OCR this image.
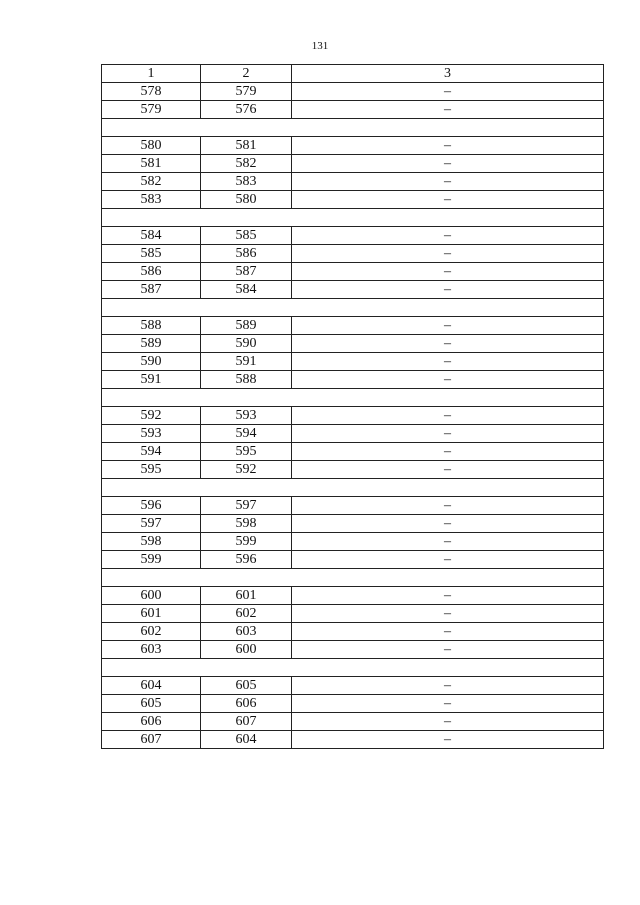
131
1	2	3
578	579	–
579	576	–

580	581	–
581	582	–
582	583	–
583	580	–

584	585	–
585	586	–
586	587	–
587	584	–

588	589	–
589	590	–
590	591	–
591	588	–

592	593	–
593	594	–
594	595	–
595	592	–

596	597	–
597	598	–
598	599	–
599	596	–

600	601	–
601	602	–
602	603	–
603	600	–

604	605	–
605	606	–
606	607	–
607	604	–
